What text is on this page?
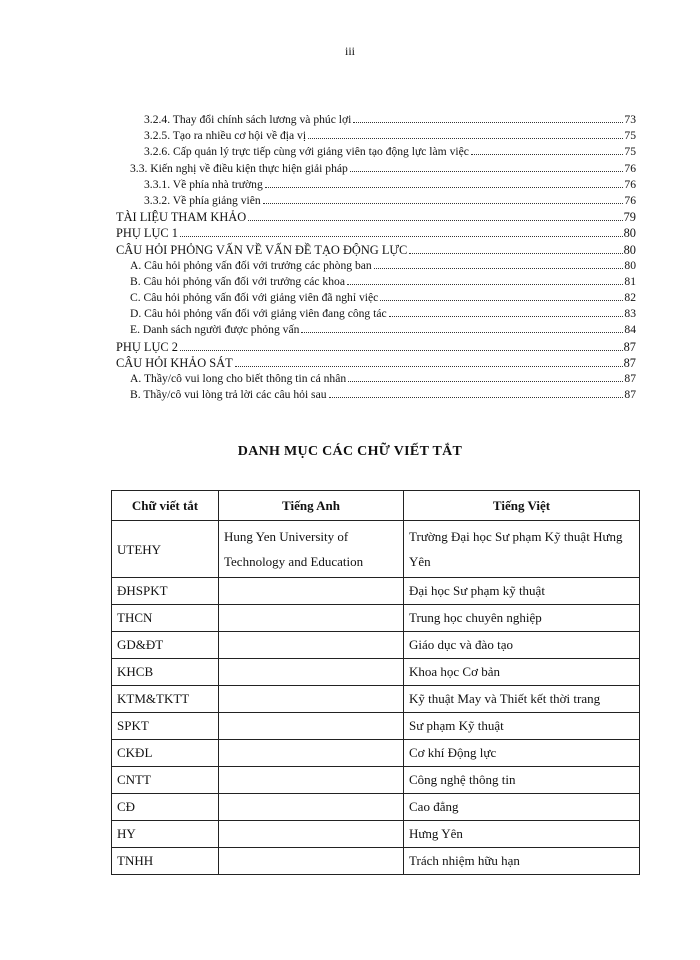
iii
3.2.4. Thay đổi chính sách lương và phúc lợi	73
3.2.5. Tạo ra nhiều cơ hội về địa vị	75
3.2.6. Cấp quản lý trực tiếp cùng với giảng viên tạo động lực làm việc	75
3.3. Kiến nghị về điều kiện thực hiện giải pháp	76
3.3.1. Về phía nhà trường	76
3.3.2. Về phía giảng viên	76
TÀI LIỆU THAM KHẢO	79
PHỤ LỤC 1	80
CÂU HỎI PHỎNG VẤN VỀ VẤN ĐỀ TẠO ĐỘNG LỰC	80
A. Câu hỏi phỏng vấn đối với trưởng các phòng ban	80
B. Câu hỏi phỏng vấn đối với trưởng các khoa	81
C. Câu hỏi phỏng vấn đối với giảng viên đã nghỉ việc	82
D. Câu hỏi phỏng vấn đối với giảng viên đang công tác	83
E. Danh sách người được phỏng vấn	84
PHỤ LỤC 2	87
CÂU HỎI KHẢO SÁT	87
A. Thầy/cô vui long cho biết thông tin cá nhân	87
B. Thầy/cô vui lòng trả lời các câu hỏi sau	87
DANH MỤC CÁC CHỮ VIẾT TẮT
Chữ viết tắt	Tiếng Anh	Tiếng Việt
UTEHY	Hung Yen University of Technology and Education	Trường Đại học Sư phạm Kỹ thuật Hưng Yên
ĐHSPKT		Đại học Sư phạm kỹ thuật
THCN		Trung học chuyên nghiệp
GD&ĐT		Giáo dục và đào tạo
KHCB		Khoa học Cơ bản
KTM&TKTT		Kỹ thuật May và Thiết kết thời trang
SPKT		Sư phạm Kỹ thuật
CKĐL		Cơ khí Động lực
CNTT		Công nghệ thông tin
CĐ		Cao đẳng
HY		Hưng Yên
TNHH		Trách nhiệm hữu hạn
